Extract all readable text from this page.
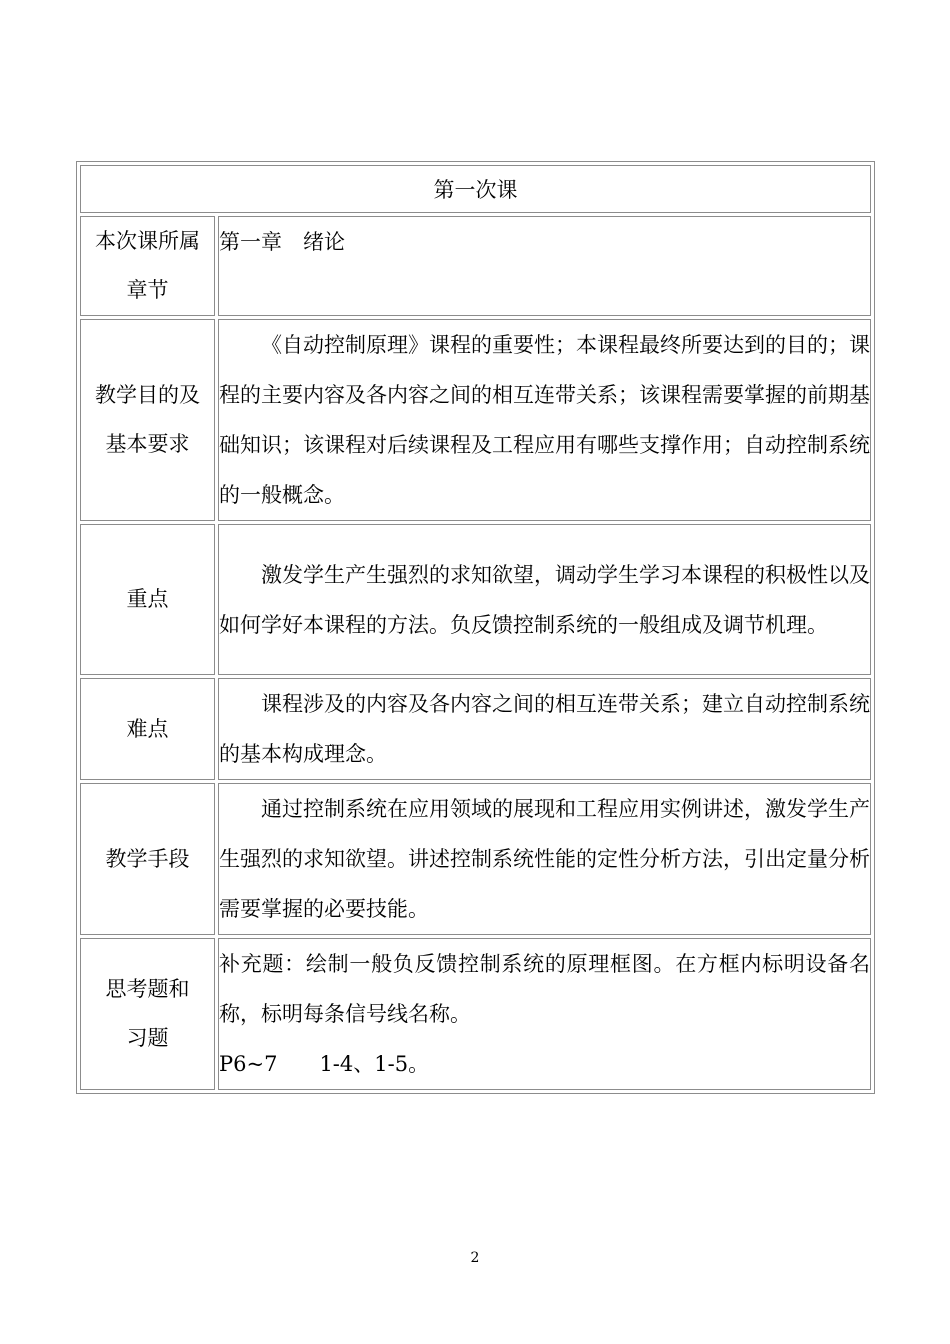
第一次课	
本次课所属
章节	第一章　绪论
教学目的及
基本要求	《自动控制原理》课程的重要性；本课程最终所要达到的目的；课程的主要内容及各内容之间的相互连带关系；该课程需要掌握的前期基础知识；该课程对后续课程及工程应用有哪些支撑作用；自动控制系统的一般概念。
重点	激发学生产生强烈的求知欲望，调动学生学习本课程的积极性以及如何学好本课程的方法。负反馈控制系统的一般组成及调节机理。
难点	课程涉及的内容及各内容之间的相互连带关系；建立自动控制系统的基本构成理念。
教学手段	通过控制系统在应用领域的展现和工程应用实例讲述，激发学生产生强烈的求知欲望。讲述控制系统性能的定性分析方法，引出定量分析需要掌握的必要技能。
思考题和
习题	补充题：绘制一般负反馈控制系统的原理框图。在方框内标明设备名称，标明每条信号线名称。
P6~7　　1-4、1-5。
2
